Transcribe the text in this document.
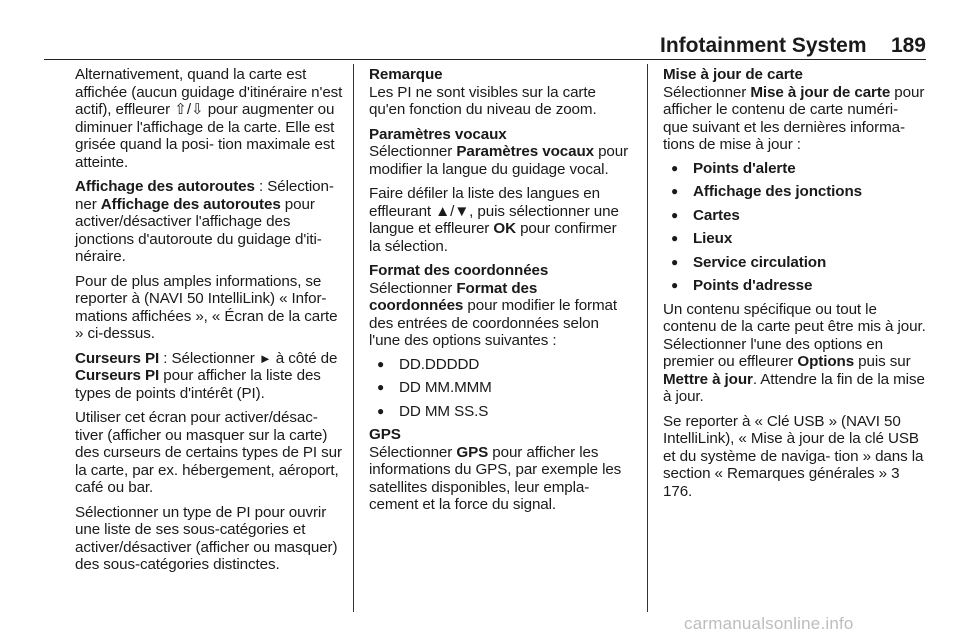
Infotainment System 189

Alternativement, quand la carte est affichée (aucun guidage d'itinéraire n'est actif), effleurer ⇧/⇩ pour augmenter ou diminuer l'affichage de la carte. Elle est grisée quand la posi‐ tion maximale est atteinte.

Affichage des autoroutes : Sélection‐ ner Affichage des autoroutes pour activer/désactiver l'affichage des jonctions d'autoroute du guidage d'iti‐ néraire.

Pour de plus amples informations, se reporter à (NAVI 50 IntelliLink) « Infor‐ mations affichées », « Écran de la carte » ci-dessus.

Curseurs PI : Sélectionner ► à côté de Curseurs PI pour afficher la liste des types de points d'intérêt (PI).

Utiliser cet écran pour activer/désac‐ tiver (afficher ou masquer sur la carte) des curseurs de certains types de PI sur la carte, par ex. hébergement, aéroport, café ou bar.

Sélectionner un type de PI pour ouvrir une liste de ses sous-catégories et activer/désactiver (afficher ou masquer) des sous-catégories distinctes.

Remarque

Les PI ne sont visibles sur la carte qu'en fonction du niveau de zoom.

Paramètres vocaux

Sélectionner Paramètres vocaux pour modifier la langue du guidage vocal.

Faire défiler la liste des langues en effleurant ▲/▼, puis sélectionner une langue et effleurer OK pour confirmer la sélection.

Format des coordonnées

Sélectionner Format des coordonnées pour modifier le format des entrées de coordonnées selon l'une des options suivantes :

● DD.DDDDD
● DD MM.MMM
● DD MM SS.S
GPS

Sélectionner GPS pour afficher les informations du GPS, par exemple les satellites disponibles, leur empla‐ cement et la force du signal.

Mise à jour de carte

Sélectionner Mise à jour de carte pour afficher le contenu de carte numéri‐ que suivant et les dernières informa‐ tions de mise à jour :

● Points d'alerte
● Affichage des jonctions
● Cartes
● Lieux
● Service circulation
● Points d'adresse

Un contenu spécifique ou tout le contenu de la carte peut être mis à jour. Sélectionner l'une des options en premier ou effleurer Options puis sur Mettre à jour. Attendre la fin de la mise à jour.

Se reporter à « Clé USB » (NAVI 50 IntelliLink), « Mise à jour de la clé USB et du système de naviga‐ tion » dans la section « Remarques générales » 3 176.

carmanualsonline.info
